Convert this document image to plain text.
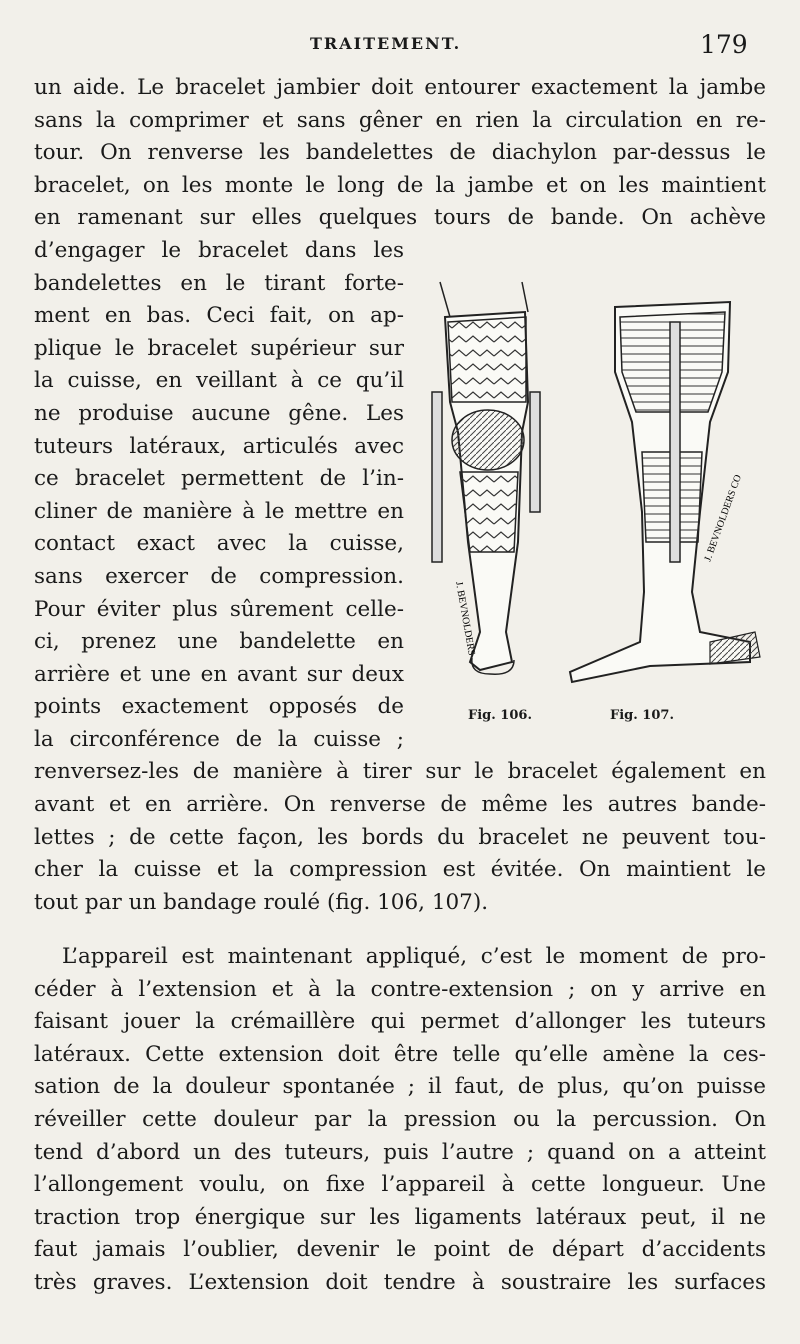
TRAITEMENT.	179
un aide. Le bracelet jambier doit entourer exactement la jambe
sans la comprimer et sans gêner en rien la circulation en re-
tour. On renverse les bandelettes de diachylon par-dessus le
bracelet, on les monte le long de la jambe et on les maintient
en ramenant sur elles quelques tours de bande. On achève
d’engager le bracelet dans les
bandelettes en le tirant forte-
ment en bas. Ceci fait, on ap-
plique le bracelet supérieur sur
la cuisse, en veillant à ce qu’il
ne produise aucune gêne. Les
tuteurs latéraux, articulés avec
ce bracelet permettent de l’in-
cliner de manière à le mettre en
contact exact avec la cuisse,
sans exercer de compression.
Pour éviter plus sûrement celle-
ci, prenez une bandelette en
arrière et une en avant sur deux
points exactement opposés de
la circonférence de la cuisse ;
renversez-les de manière à tirer sur le bracelet également en
avant et en arrière. On renverse de même les autres bande-
lettes ; de cette façon, les bords du bracelet ne peuvent tou-
cher la cuisse et la compression est évitée. On maintient le
tout par un bandage roulé (fig. 106, 107).
L’appareil est maintenant appliqué, c’est le moment de pro-
céder à l’extension et à la contre-extension ; on y arrive en
faisant jouer la crémaillère qui permet d’allonger les tuteurs
latéraux. Cette extension doit être telle qu’elle amène la ces-
sation de la douleur spontanée ; il faut, de plus, qu’on puisse
réveiller cette douleur par la pression ou la percussion. On
tend d’abord un des tuteurs, puis l’autre ; quand on a atteint
l’allongement voulu, on fixe l’appareil à cette longueur. Une
traction trop énergique sur les ligaments latéraux peut, il ne
faut jamais l’oublier, devenir le point de départ d’accidents
très graves. L’extension doit tendre à soustraire les surfaces
J. BEVNOLDERS
J. BEVNOLDERS CO
Fig. 106.	Fig. 107.
